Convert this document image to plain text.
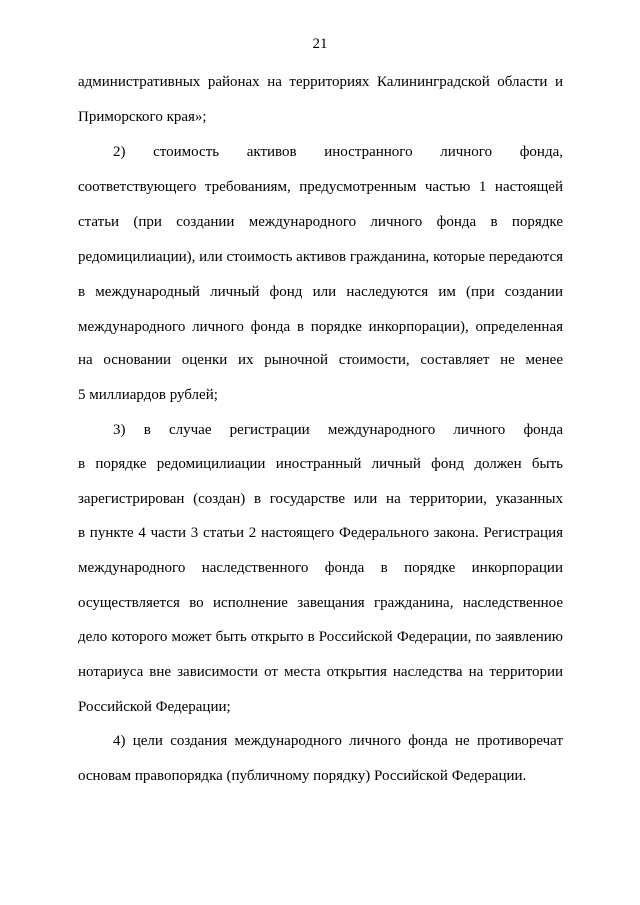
21
административных районах на территориях Калининградской области и
Приморского края»;
2) стоимость активов иностранного личного фонда,
соответствующего требованиям, предусмотренным частью 1 настоящей
статьи (при создании международного личного фонда в порядке
редомицилиации), или стоимость активов гражданина, которые передаются
в международный личный фонд или наследуются им (при создании
международного личного фонда в порядке инкорпорации), определенная
на основании оценки их рыночной стоимости, составляет не менее
5 миллиардов рублей;
3) в случае регистрации международного личного фонда
в порядке редомицилиации иностранный личный фонд должен быть
зарегистрирован (создан) в государстве или на территории, указанных
в пункте 4 части 3 статьи 2 настоящего Федерального закона. Регистрация
международного наследственного фонда в порядке инкорпорации
осуществляется во исполнение завещания гражданина, наследственное
дело которого может быть открыто в Российской Федерации, по заявлению
нотариуса вне зависимости от места открытия наследства на территории
Российской Федерации;
4) цели создания международного личного фонда не противоречат
основам правопорядка (публичному порядку) Российской Федерации.
